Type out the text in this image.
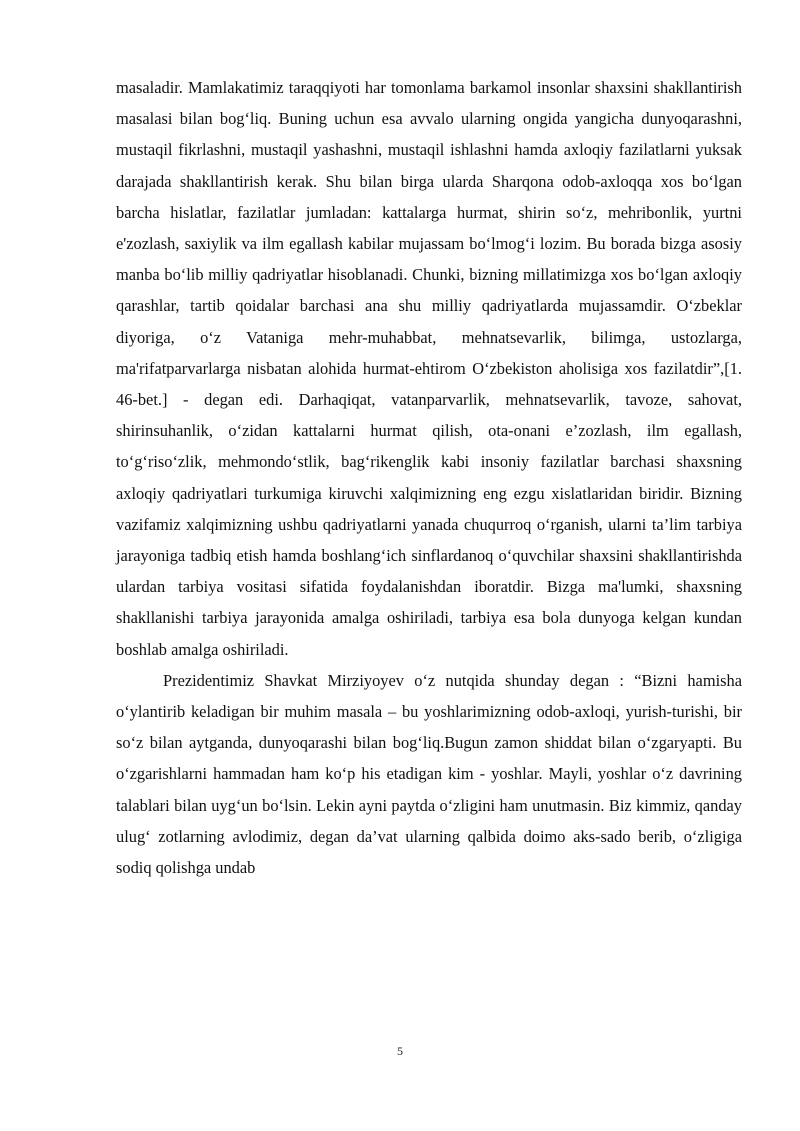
masaladir. Mamlakatimiz taraqqiyoti har tomonlama barkamol insonlar shaxsini shakllantirish masalasi bilan bog‘liq. Buning uchun esa avvalo ularning ongida yangicha dunyoqarashni, mustaqil fikrlashni, mustaqil yashashni, mustaqil ishlashni hamda axloqiy fazilatlarni yuksak darajada shakllantirish kerak. Shu bilan birga ularda Sharqona odob-axloqqa xos bo‘lgan barcha hislatlar, fazilatlar jumladan: kattalarga hurmat, shirin so‘z, mehribonlik, yurtni e'zozlash, saxiylik va ilm egallash kabilar mujassam bo‘lmog‘i lozim. Bu borada bizga asosiy manba bo‘lib milliy qadriyatlar hisoblanadi. Chunki, bizning millatimizga xos bo‘lgan axloqiy qarashlar, tartib qoidalar barchasi ana shu milliy qadriyatlarda mujassamdir. O‘zbeklar diyoriga, o‘z Vataniga mehr-muhabbat, mehnatsevarlik, bilimga, ustozlarga, ma'rifatparvarlarga nisbatan alohida hurmat-ehtirom O‘zbekiston aholisiga xos fazilatdir”,[1. 46-bet.] - degan edi. Darhaqiqat, vatanparvarlik, mehnatsevarlik, tavoze, sahovat, shirinsuhanlik, o‘zidan kattalarni hurmat qilish, ota-onani e’zozlash, ilm egallash, to‘g‘riso‘zlik, mehmondo‘stlik, bag‘rikenglik kabi insoniy fazilatlar barchasi shaxsning axloqiy qadriyatlari turkumiga kiruvchi xalqimizning eng ezgu xislatlaridan biridir. Bizning vazifamiz xalqimizning ushbu qadriyatlarni yanada chuqurroq o‘rganish, ularni ta’lim tarbiya jarayoniga tadbiq etish hamda boshlang‘ich sinflardanoq o‘quvchilar shaxsini shakllantirishda ulardan tarbiya vositasi sifatida foydalanishdan iboratdir. Bizga ma'lumki, shaxsning shakllanishi tarbiya jarayonida amalga oshiriladi, tarbiya esa bola dunyoga kelgan kundan boshlab amalga oshiriladi.

Prezidentimiz Shavkat Mirziyoyev o‘z nutqida shunday degan : “Bizni hamisha o‘ylantirib keladigan bir muhim masala – bu yoshlarimizning odob-axloqi, yurish-turishi, bir so‘z bilan aytganda, dunyoqarashi bilan bog‘liq.Bugun zamon shiddat bilan o‘zgaryapti. Bu o‘zgarishlarni hammadan ham ko‘p his etadigan kim - yoshlar. Mayli, yoshlar o‘z davrining talablari bilan uyg‘un bo‘lsin. Lekin ayni paytda o‘zligini ham unutmasin. Biz kimmiz, qanday ulug‘ zotlarning avlodimiz, degan da’vat ularning qalbida doimo aks-sado berib, o‘zligiga sodiq qolishga undab

5
